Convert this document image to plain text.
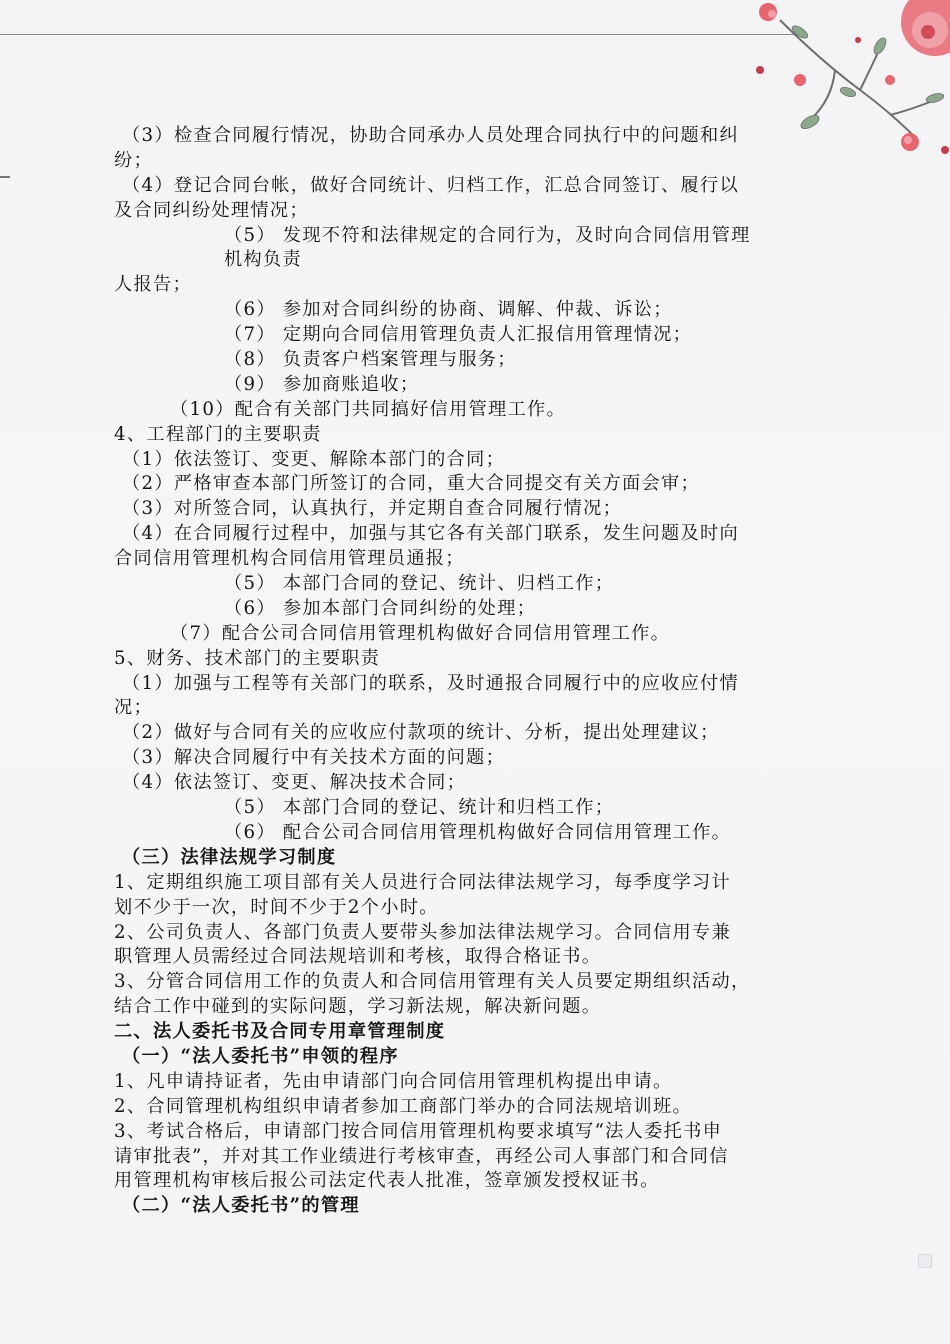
（3）检查合同履行情况，协助合同承办人员处理合同执行中的问题和纠
纷；
（4）登记合同台帐，做好合同统计、归档工作，汇总合同签订、履行以
及合同纠纷处理情况；
（5） 发现不符和法律规定的合同行为，及时向合同信用管理
机构负责
人报告；
（6） 参加对合同纠纷的协商、调解、仲裁、诉讼；
（7） 定期向合同信用管理负责人汇报信用管理情况；
（8） 负责客户档案管理与服务；
（9） 参加商账追收；
（10）配合有关部门共同搞好信用管理工作。
4、工程部门的主要职责
（1）依法签订、变更、解除本部门的合同；
（2）严格审查本部门所签订的合同，重大合同提交有关方面会审；
（3）对所签合同，认真执行，并定期自查合同履行情况；
（4）在合同履行过程中，加强与其它各有关部门联系，发生问题及时向
合同信用管理机构合同信用管理员通报；
（5） 本部门合同的登记、统计、归档工作；
（6） 参加本部门合同纠纷的处理；
（7）配合公司合同信用管理机构做好合同信用管理工作。
5、财务、技术部门的主要职责
（1）加强与工程等有关部门的联系，及时通报合同履行中的应收应付情
况；
（2）做好与合同有关的应收应付款项的统计、分析，提出处理建议；
（3）解决合同履行中有关技术方面的问题；
（4）依法签订、变更、解决技术合同；
（5） 本部门合同的登记、统计和归档工作；
（6） 配合公司合同信用管理机构做好合同信用管理工作。
（三）法律法规学习制度
1、定期组织施工项目部有关人员进行合同法律法规学习，每季度学习计
划不少于一次，时间不少于2个小时。
2、公司负责人、各部门负责人要带头参加法律法规学习。合同信用专兼
职管理人员需经过合同法规培训和考核，取得合格证书。
3、分管合同信用工作的负责人和合同信用管理有关人员要定期组织活动，
结合工作中碰到的实际问题，学习新法规，解决新问题。
二、法人委托书及合同专用章管理制度
（一）“法人委托书”申领的程序
1、凡申请持证者，先由申请部门向合同信用管理机构提出申请。
2、合同管理机构组织申请者参加工商部门举办的合同法规培训班。
3、考试合格后，申请部门按合同信用管理机构要求填写“法人委托书申
请审批表”，并对其工作业绩进行考核审查，再经公司人事部门和合同信
用管理机构审核后报公司法定代表人批准，签章颁发授权证书。
（二）“法人委托书”的管理
